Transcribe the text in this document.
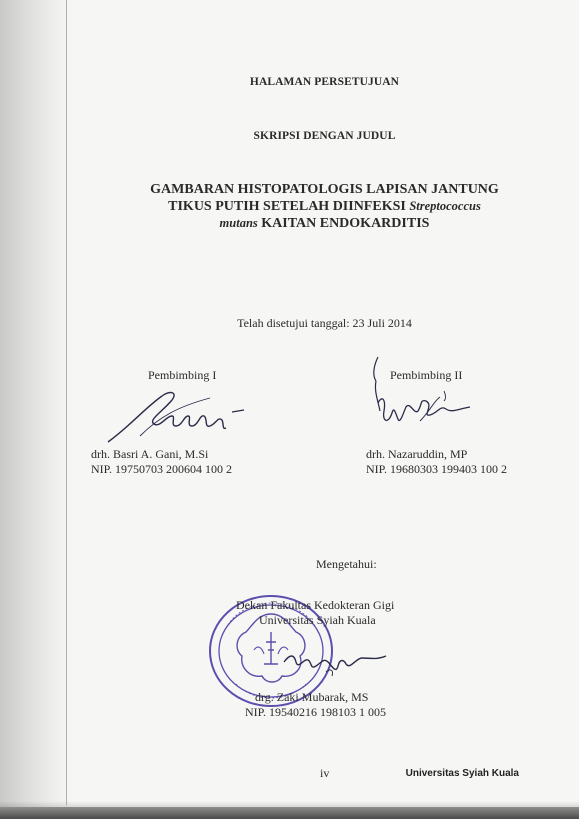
HALAMAN PERSETUJUAN
SKRIPSI DENGAN JUDUL
GAMBARAN HISTOPATOLOGIS LAPISAN JANTUNG
TIKUS PUTIH SETELAH DIINFEKSI Streptococcus
mutans KAITAN ENDOKARDITIS
Telah disetujui tanggal: 23 Juli 2014
Pembimbing I
drh. Basri A. Gani, M.Si
NIP. 19750703 200604 100 2
Pembimbing II
drh. Nazaruddin, MP
NIP. 19680303 199403 100 2
Mengetahui:
Dekan Fakultas Kedokteran Gigi
Universitas Syiah Kuala
drg. Zaki Mubarak, MS
NIP. 19540216 198103 1 005
iv	Universitas Syiah Kuala
